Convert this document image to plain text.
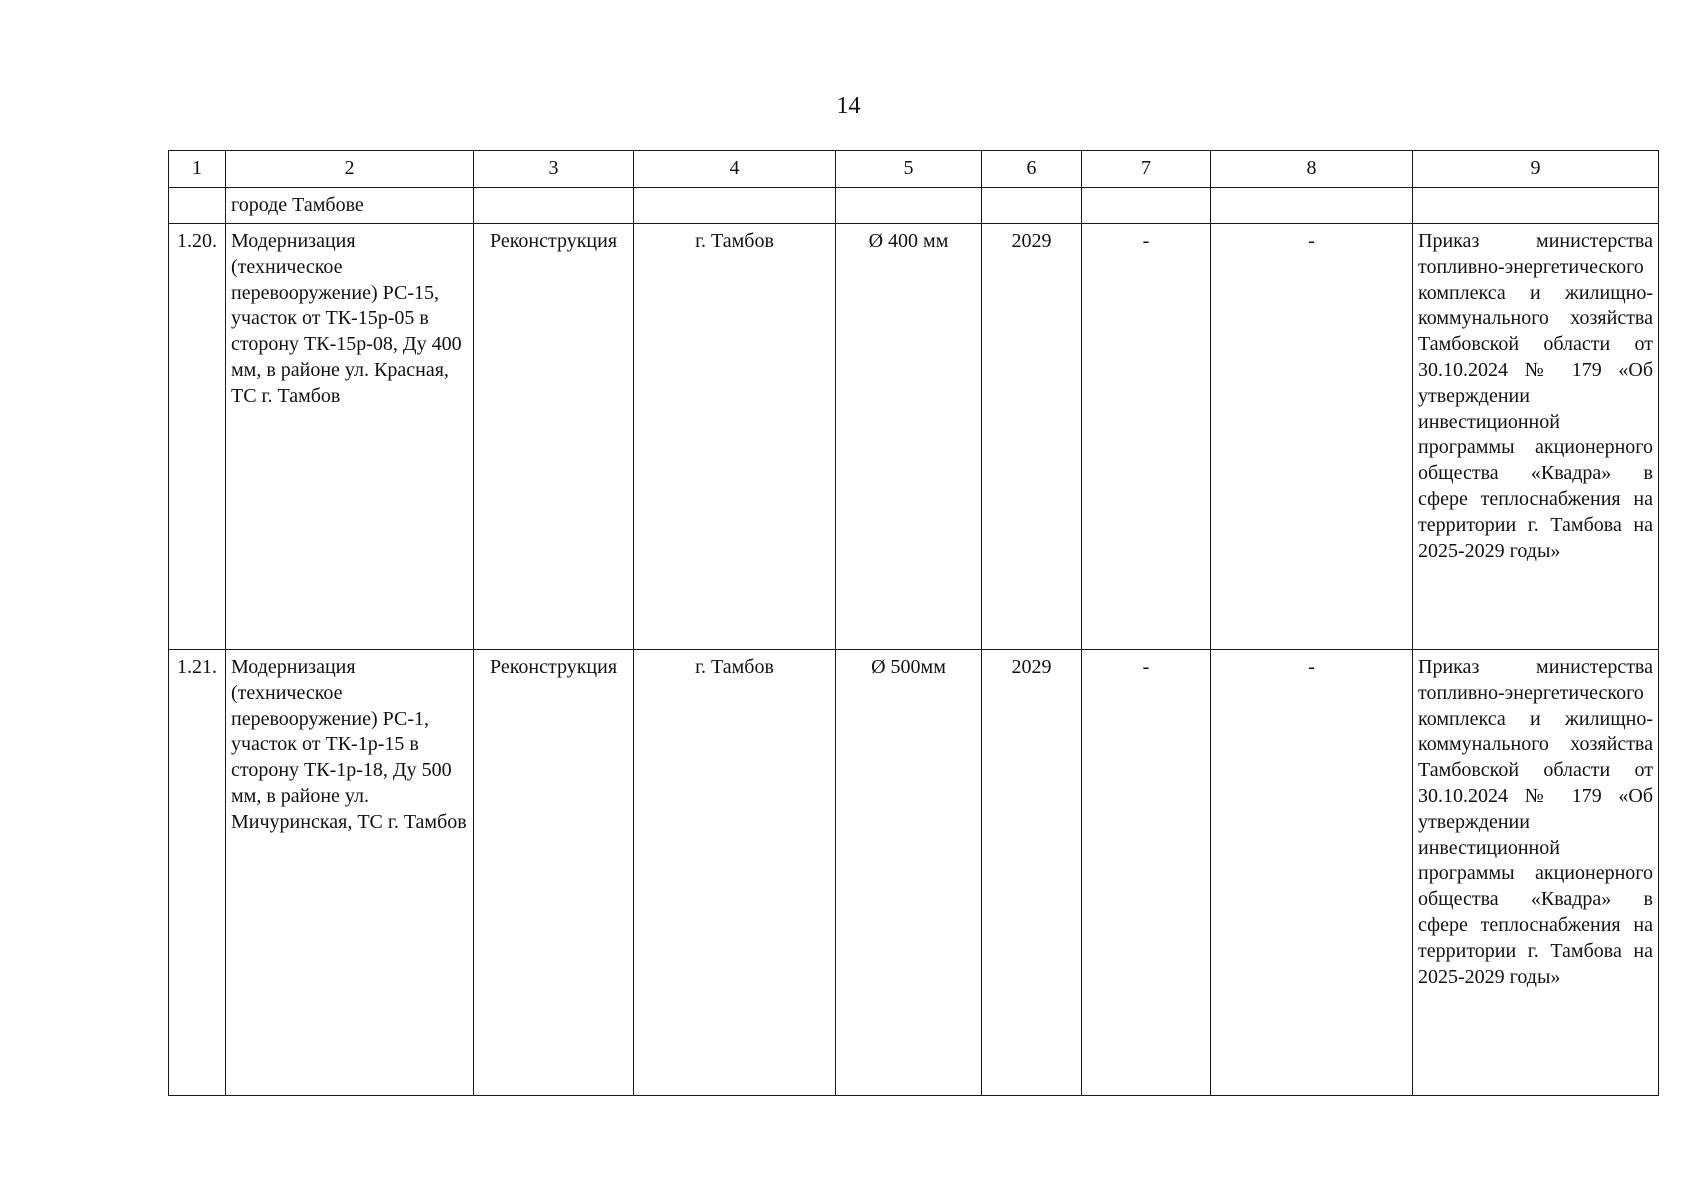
14
1	2	3	4	5	6	7	8	9
	городе Тамбове							
1.20.	Модернизация (техническое перевооружение) РС-15, участок от ТК-15р-05 в сторону ТК-15р-08, Ду 400 мм, в районе ул. Красная, ТС г. Тамбов	Реконструкция	г. Тамбов	Ø 400 мм	2029	-	-	Приказ министерства топливно-энергетического комплекса и жилищно-коммунального хозяйства Тамбовской области от 30.10.2024 № 179 «Об утверждении инвестиционной программы акционерного общества «Квадра» в сфере теплоснабжения на территории г. Тамбова на 2025-2029 годы»
1.21.	Модернизация (техническое перевооружение) РС-1, участок от ТК-1р-15 в сторону ТК-1р-18, Ду 500 мм, в районе ул. Мичуринская, ТС г. Тамбов	Реконструкция	г. Тамбов	Ø 500мм	2029	-	-	Приказ министерства топливно-энергетического комплекса и жилищно-коммунального хозяйства Тамбовской области от 30.10.2024 № 179 «Об утверждении инвестиционной программы акционерного общества «Квадра» в сфере теплоснабжения на территории г. Тамбова на 2025-2029 годы»
